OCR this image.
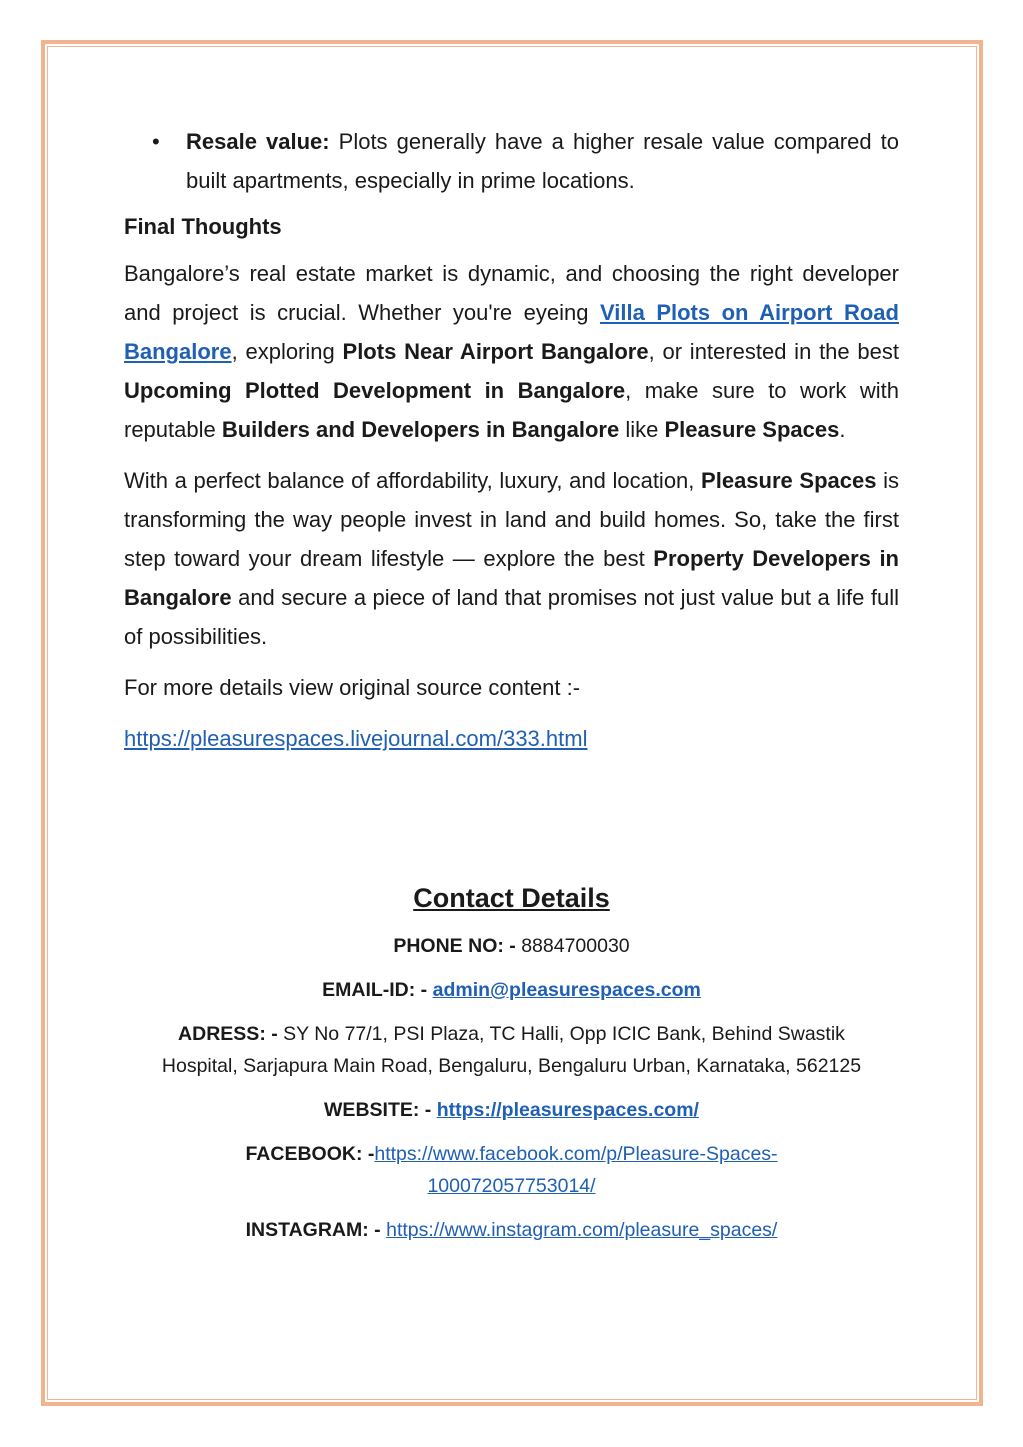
•	Resale value: Plots generally have a higher resale value compared to built apartments, especially in prime locations.
Final Thoughts

Bangalore’s real estate market is dynamic, and choosing the right developer and project is crucial. Whether you're eyeing Villa Plots on Airport Road Bangalore, exploring Plots Near Airport Bangalore, or interested in the best Upcoming Plotted Development in Bangalore, make sure to work with reputable Builders and Developers in Bangalore like Pleasure Spaces.

With a perfect balance of affordability, luxury, and location, Pleasure Spaces is transforming the way people invest in land and build homes. So, take the first step toward your dream lifestyle — explore the best Property Developers in Bangalore and secure a piece of land that promises not just value but a life full of possibilities.

For more details view original source content :-

https://pleasurespaces.livejournal.com/333.html

Contact Details
PHONE NO: - 8884700030
EMAIL-ID: - admin@pleasurespaces.com
ADRESS: - SY No 77/1, PSI Plaza, TC Halli, Opp ICIC Bank, Behind Swastik Hospital, Sarjapura Main Road, Bengaluru, Bengaluru Urban, Karnataka, 562125
WEBSITE: - https://pleasurespaces.com/
FACEBOOK: -https://www.facebook.com/p/Pleasure-Spaces-100072057753014/
INSTAGRAM: - https://www.instagram.com/pleasure_spaces/
